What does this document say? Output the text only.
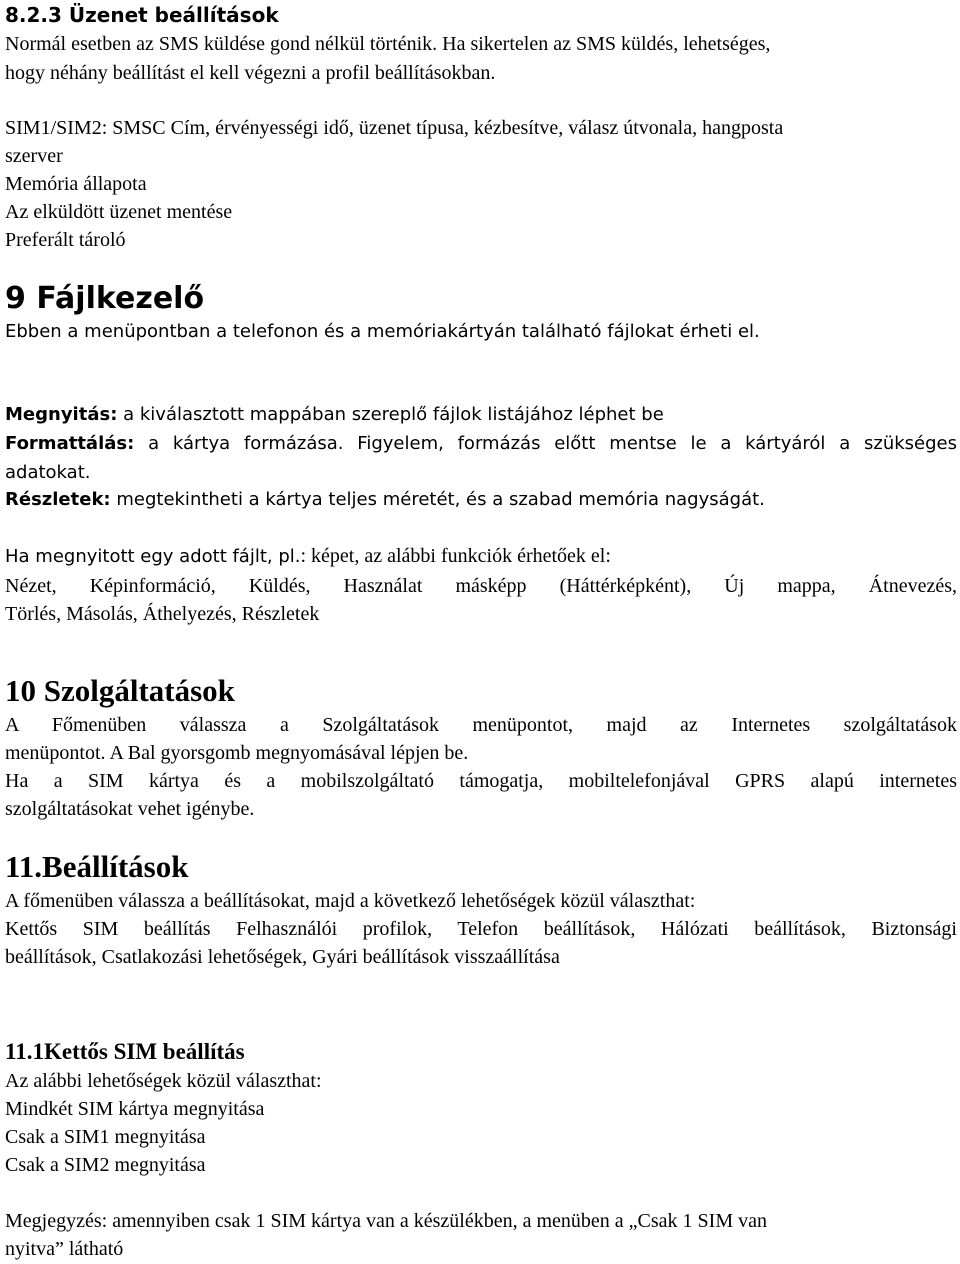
8.2.3 Üzenet beállítások
Normál esetben az SMS küldése gond nélkül történik. Ha sikertelen az SMS küldés, lehetséges,
hogy néhány beállítást el kell végezni a profil beállításokban.
SIM1/SIM2: SMSC Cím, érvényességi idő, üzenet típusa, kézbesítve, válasz útvonala, hangposta
szerver
Memória állapota
Az elküldött üzenet mentése
Preferált tároló
9 Fájlkezelő
Ebben a menüpontban a telefonon és a memóriakártyán található fájlokat érheti el.
Megnyitás: a kiválasztott mappában szereplő fájlok listájához léphet be
Formattálás: a kártya formázása. Figyelem, formázás előtt mentse le a kártyáról a szükséges
adatokat.
Részletek: megtekintheti a kártya teljes méretét, és a szabad memória nagyságát.
Ha megnyitott egy adott fájlt, pl.: képet, az alábbi funkciók érhetőek el:
Nézet, Képinformáció, Küldés, Használat másképp (Háttérképként), Új mappa, Átnevezés,
Törlés, Másolás, Áthelyezés, Részletek
10 Szolgáltatások
A Főmenüben válassza a Szolgáltatások menüpontot, majd az Internetes szolgáltatások
menüpontot. A Bal gyorsgomb megnyomásával lépjen be.
Ha a SIM kártya és a mobilszolgáltató támogatja, mobiltelefonjával GPRS alapú internetes
szolgáltatásokat vehet igénybe.
11.Beállítások
A főmenüben válassza a beállításokat, majd a következő lehetőségek közül választhat:
Kettős SIM beállítás Felhasználói profilok, Telefon beállítások, Hálózati beállítások, Biztonsági
beállítások, Csatlakozási lehetőségek, Gyári beállítások visszaállítása
11.1Kettős SIM beállítás
Az alábbi lehetőségek közül választhat:
Mindkét SIM kártya megnyitása
Csak a SIM1 megnyitása
Csak a SIM2 megnyitása
Megjegyzés: amennyiben csak 1 SIM kártya van a készülékben, a menüben a „Csak 1 SIM van
nyitva” látható
